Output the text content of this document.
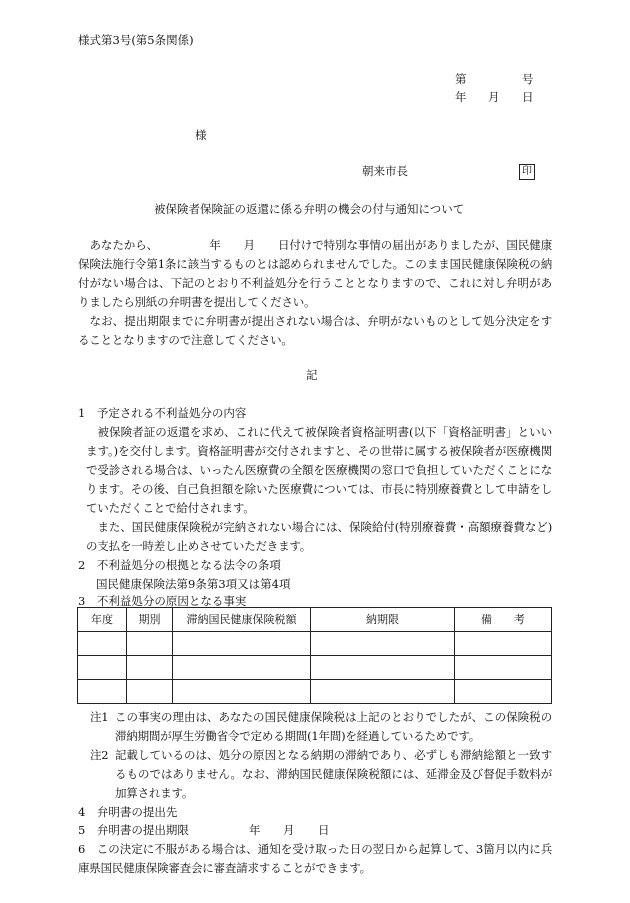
様式第3号(第5条関係)
第	号
年 月 日
様
朝来市長	印
被保険者保険証の返還に係る弁明の機会の付与通知について
あなたから、　　　　　年　　月　　日付けで特別な事情の届出がありましたが、国民健康保険法施行令第1条に該当するものとは認められませんでした。このまま国民健康保険税の納付がない場合は、下記のとおり不利益処分を行うこととなりますので、これに対し弁明がありましたら別紙の弁明書を提出してください。
なお、提出期限までに弁明書が提出されない場合は、弁明がないものとして処分決定をすることとなりますので注意してください。
記
1　予定される不利益処分の内容
被保険者証の返還を求め、これに代えて被保険者資格証明書(以下「資格証明書」といいます。)を交付します。資格証明書が交付されますと、その世帯に属する被保険者が医療機関で受診される場合は、いったん医療費の全額を医療機関の窓口で負担していただくことになります。その後、自己負担額を除いた医療費については、市長に特別療養費として申請をしていただくことで給付されます。
また、国民健康保険税が完納されない場合には、保険給付(特別療養費・高額療養費など)の支払を一時差し止めさせていただきます。
2　不利益処分の根拠となる法令の条項
国民健康保険法第9条第3項又は第4項
3　不利益処分の原因となる事実
年度	期別	滞納国民健康保険税額	納期限	備　　考

注1 この事実の理由は、あなたの国民健康保険税は上記のとおりでしたが、この保険税の滞納期間が厚生労働省令で定める期間(1年間)を経過しているためです。
注2 記載しているのは、処分の原因となる納期の滞納であり、必ずしも滞納総額と一致するものではありません。なお、滞納国民健康保険税額には、延滞金及び督促手数料が加算されます。
4　弁明書の提出先
5　弁明書の提出期限	年 月 日
6　この決定に不服がある場合は、通知を受け取った日の翌日から起算して、3箇月以内に兵庫県国民健康保険審査会に審査請求することができます。
